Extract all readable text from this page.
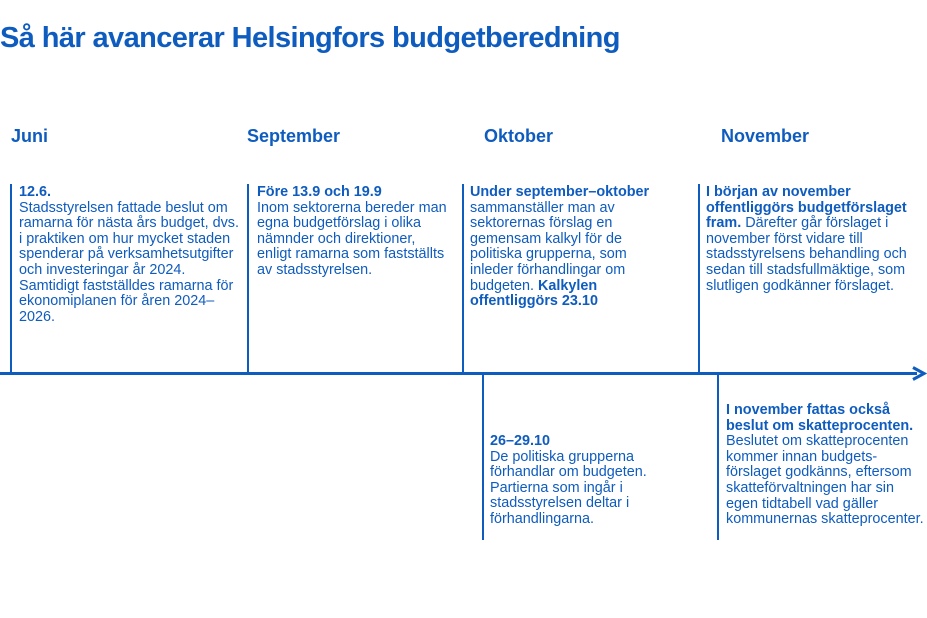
Så här avancerar Helsingfors budgetberedning
Juni	September	Oktober	November
12.6.
Stadsstyrelsen fattade beslut om ramarna för nästa års budget, dvs. i praktiken om hur mycket staden spenderar på verksamhetsutgifter och investeringar år 2024. Samtidigt fastställdes ramarna för ekonomiplanen för åren 2024–2026.
Före 13.9 och 19.9
Inom sektorerna bereder man egna budgetförslag i olika nämnder och direktioner, enligt ramarna som fastställts av stadsstyrelsen.
Under september–oktober sammanställer man av sektorernas förslag en gemensam kalkyl för de politiska grupperna, som inleder förhandlingar om budgeten. Kalkylen offentliggörs 23.10
I början av november offentliggörs budgetförslaget fram. Därefter går förslaget i november först vidare till stadsstyrelsens behandling och sedan till stadsfullmäktige, som slutligen godkänner förslaget.
26–29.10
De politiska grupperna förhandlar om budgeten. Partierna som ingår i stadsstyrelsen deltar i förhandlingarna.
I november fattas också beslut om skatteprocenten. Beslutet om skatteprocenten kommer innan budgets-förslaget godkänns, eftersom skatteförvaltningen har sin egen tidtabell vad gäller kommunernas skatteprocenter.
